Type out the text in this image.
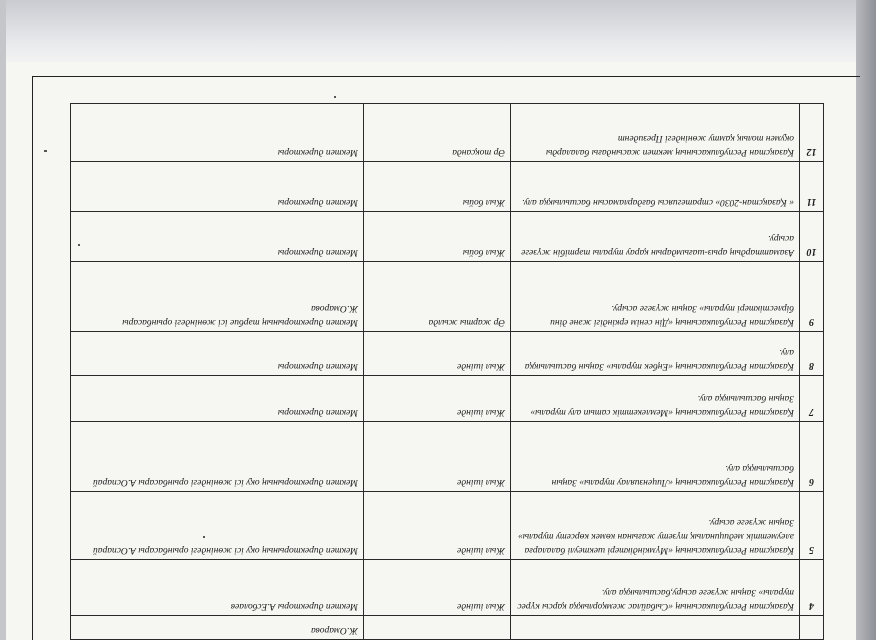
			Ж.Омарова
4	Қазақстан Республикасының «Сыбайлас жемқорлыққа қарсы күрес туралы» Заңын жүзеге асыру,басшылыққа алу.	Жыл ішінде	Мектеп директоры А.Есболаев
5	Қазақстан Республикасының «Мүмкіндіктері шектеулі балаларға әлеуметтік медициналық түзету жағынан көмек көрсету туралы» Заңын жүзеге асыру.	Жыл ішінде	Мектеп директорының оқу ісі жөніндегі орынбасары А.Оспарай
6	Қазақстан Республикасының «Лицензиялау туралы» Заңын басшылыққа алу.	Жыл ішінде	Мектеп директорының оқу ісі жөніндегі орынбасары А.Оспарай
7	Қазақстан Республикасының «Мемлекеттік сатып алу туралы» Заңын басшылыққа алу.	Жыл ішінде	Мектеп директоры
8	Қазақстан Республикасының «Еңбек туралы» Заңын басшылыққа алу.	Жыл ішінде	Мектеп директоры
9	Қазақстан Республикасының «Дін сенім еркіндігі және діни бірлестіктері туралы» Заңын жүзеге асыру.	Әр жарты жылда	Мектеп директорының тәрбие ісі жөніндегі орынбасары Ж.Омарова
10	Азаматтардың арыз-шағымдарын қарау туралы тәртібін жүзеге асыру.	Жыл бойы	Мектеп директоры
11	« Қазақстан-2030» стратегиясы бағдарламасын басшылыққа алу.	Жыл бойы	Мектеп директоры
12	Қазақстан Республикасының мектеп жасындағы балаларды оқумен толық қамту жөніндегі Президент	Әр тоқсанда	Мектеп директоры
